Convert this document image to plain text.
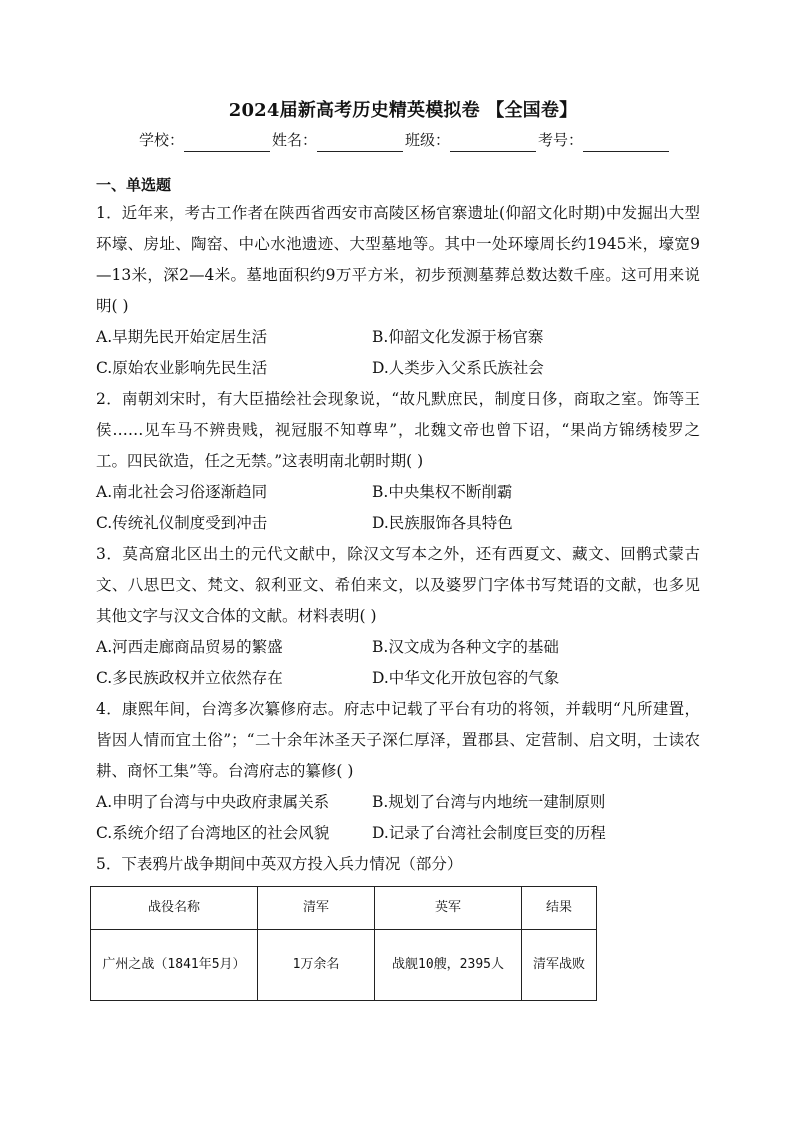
2024届新高考历史精英模拟卷 【全国卷】
学校：	姓名：	班级：	考号：
一、单选题
1．近年来，考古工作者在陕西省西安市高陵区杨官寨遗址(仰韶文化时期)中发掘出大型环壕、房址、陶窑、中心水池遗迹、大型墓地等。其中一处环壕周长约1945米，壕宽9—13米，深2—4米。墓地面积约9万平方米，初步预测墓葬总数达数千座。这可用来说明( )
A.早期先民开始定居生活	B.仰韶文化发源于杨官寨
C.原始农业影响先民生活	D.人类步入父系氏族社会
2．南朝刘宋时，有大臣描绘社会现象说，“故凡默庶民，制度日侈，商取之室。饰等王侯……见车马不辨贵贱，视冠服不知尊卑”，北魏文帝也曾下诏，“果尚方锦绣棱罗之工。四民欲造，任之无禁。”这表明南北朝时期( )
A.南北社会习俗逐渐趋同	B.中央集权不断削霸
C.传统礼仪制度受到冲击	D.民族服饰各具特色
3．莫高窟北区出土的元代文献中，除汉文写本之外，还有西夏文、藏文、回鹘式蒙古文、八思巴文、梵文、叙利亚文、希伯来文，以及婆罗门字体书写梵语的文献，也多见其他文字与汉文合体的文献。材料表明( )
A.河西走廊商品贸易的繁盛	B.汉文成为各种文字的基础
C.多民族政权并立依然存在	D.中华文化开放包容的气象
4．康熙年间，台湾多次纂修府志。府志中记载了平台有功的将领，并载明“凡所建置，皆因人情而宜土俗”；“二十余年沐圣天子深仁厚泽，置郡县、定营制、启文明，士读农耕、商怀工集”等。台湾府志的纂修( )
A.申明了台湾与中央政府隶属关系	B.规划了台湾与内地统一建制原则
C.系统介绍了台湾地区的社会风貌	D.记录了台湾社会制度巨变的历程
5．下表鸦片战争期间中英双方投入兵力情况（部分）
战役名称	清军	英军	结果
广州之战（1841年5月）	1万余名	战舰10艘，2395人	清军战败
